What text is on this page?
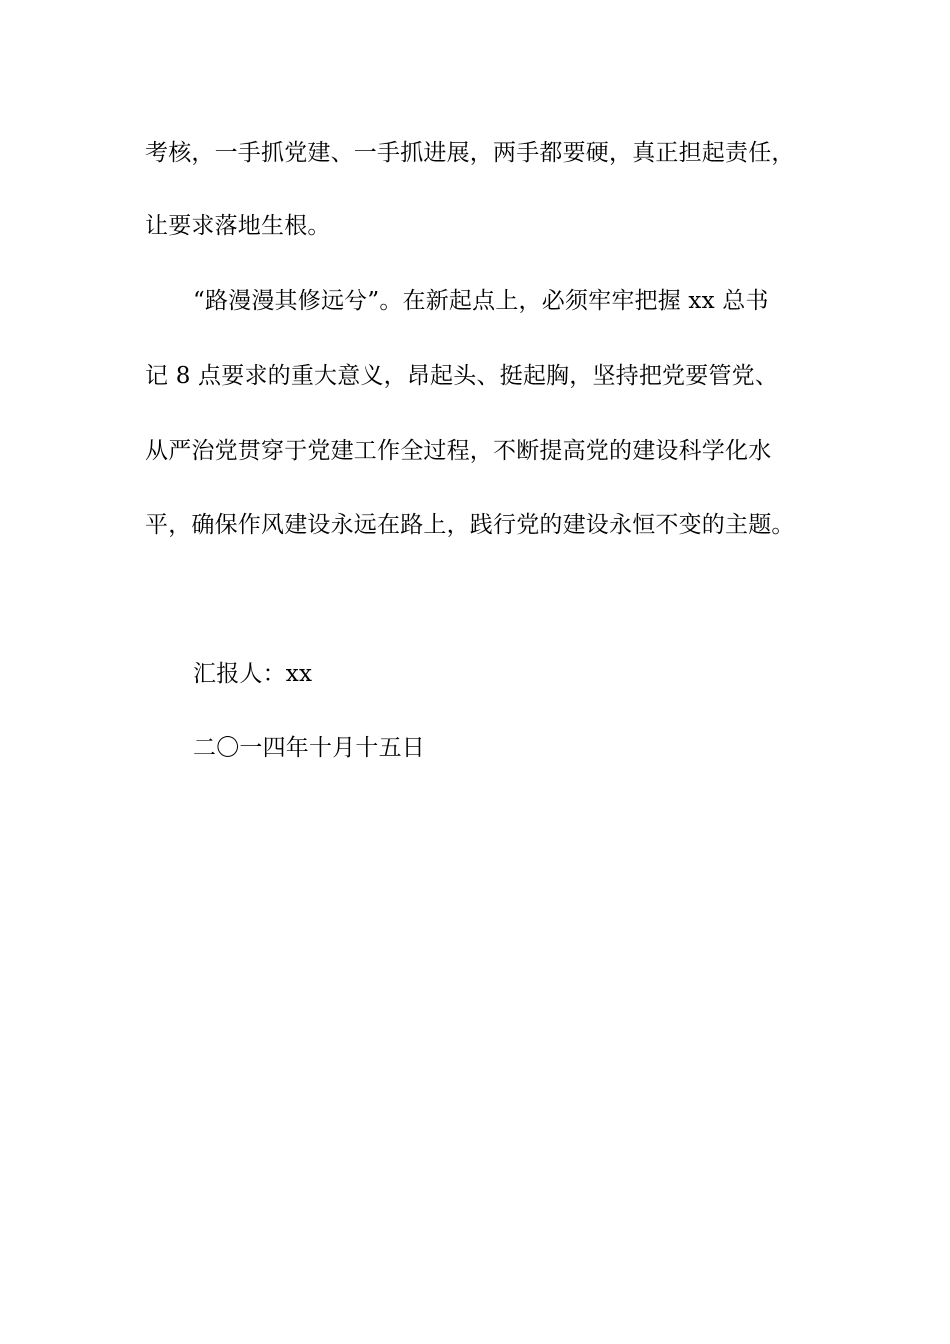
考核，一手抓党建、一手抓进展，两手都要硬，真正担起责任，
让要求落地生根。
“路漫漫其修远兮”。在新起点上，必须牢牢把握 xx 总书
记 8 点要求的重大意义，昂起头、挺起胸，坚持把党要管党、
从严治党贯穿于党建工作全过程，不断提高党的建设科学化水
平，确保作风建设永远在路上，践行党的建设永恒不变的主题。
汇报人：xx
二〇一四年十月十五日
